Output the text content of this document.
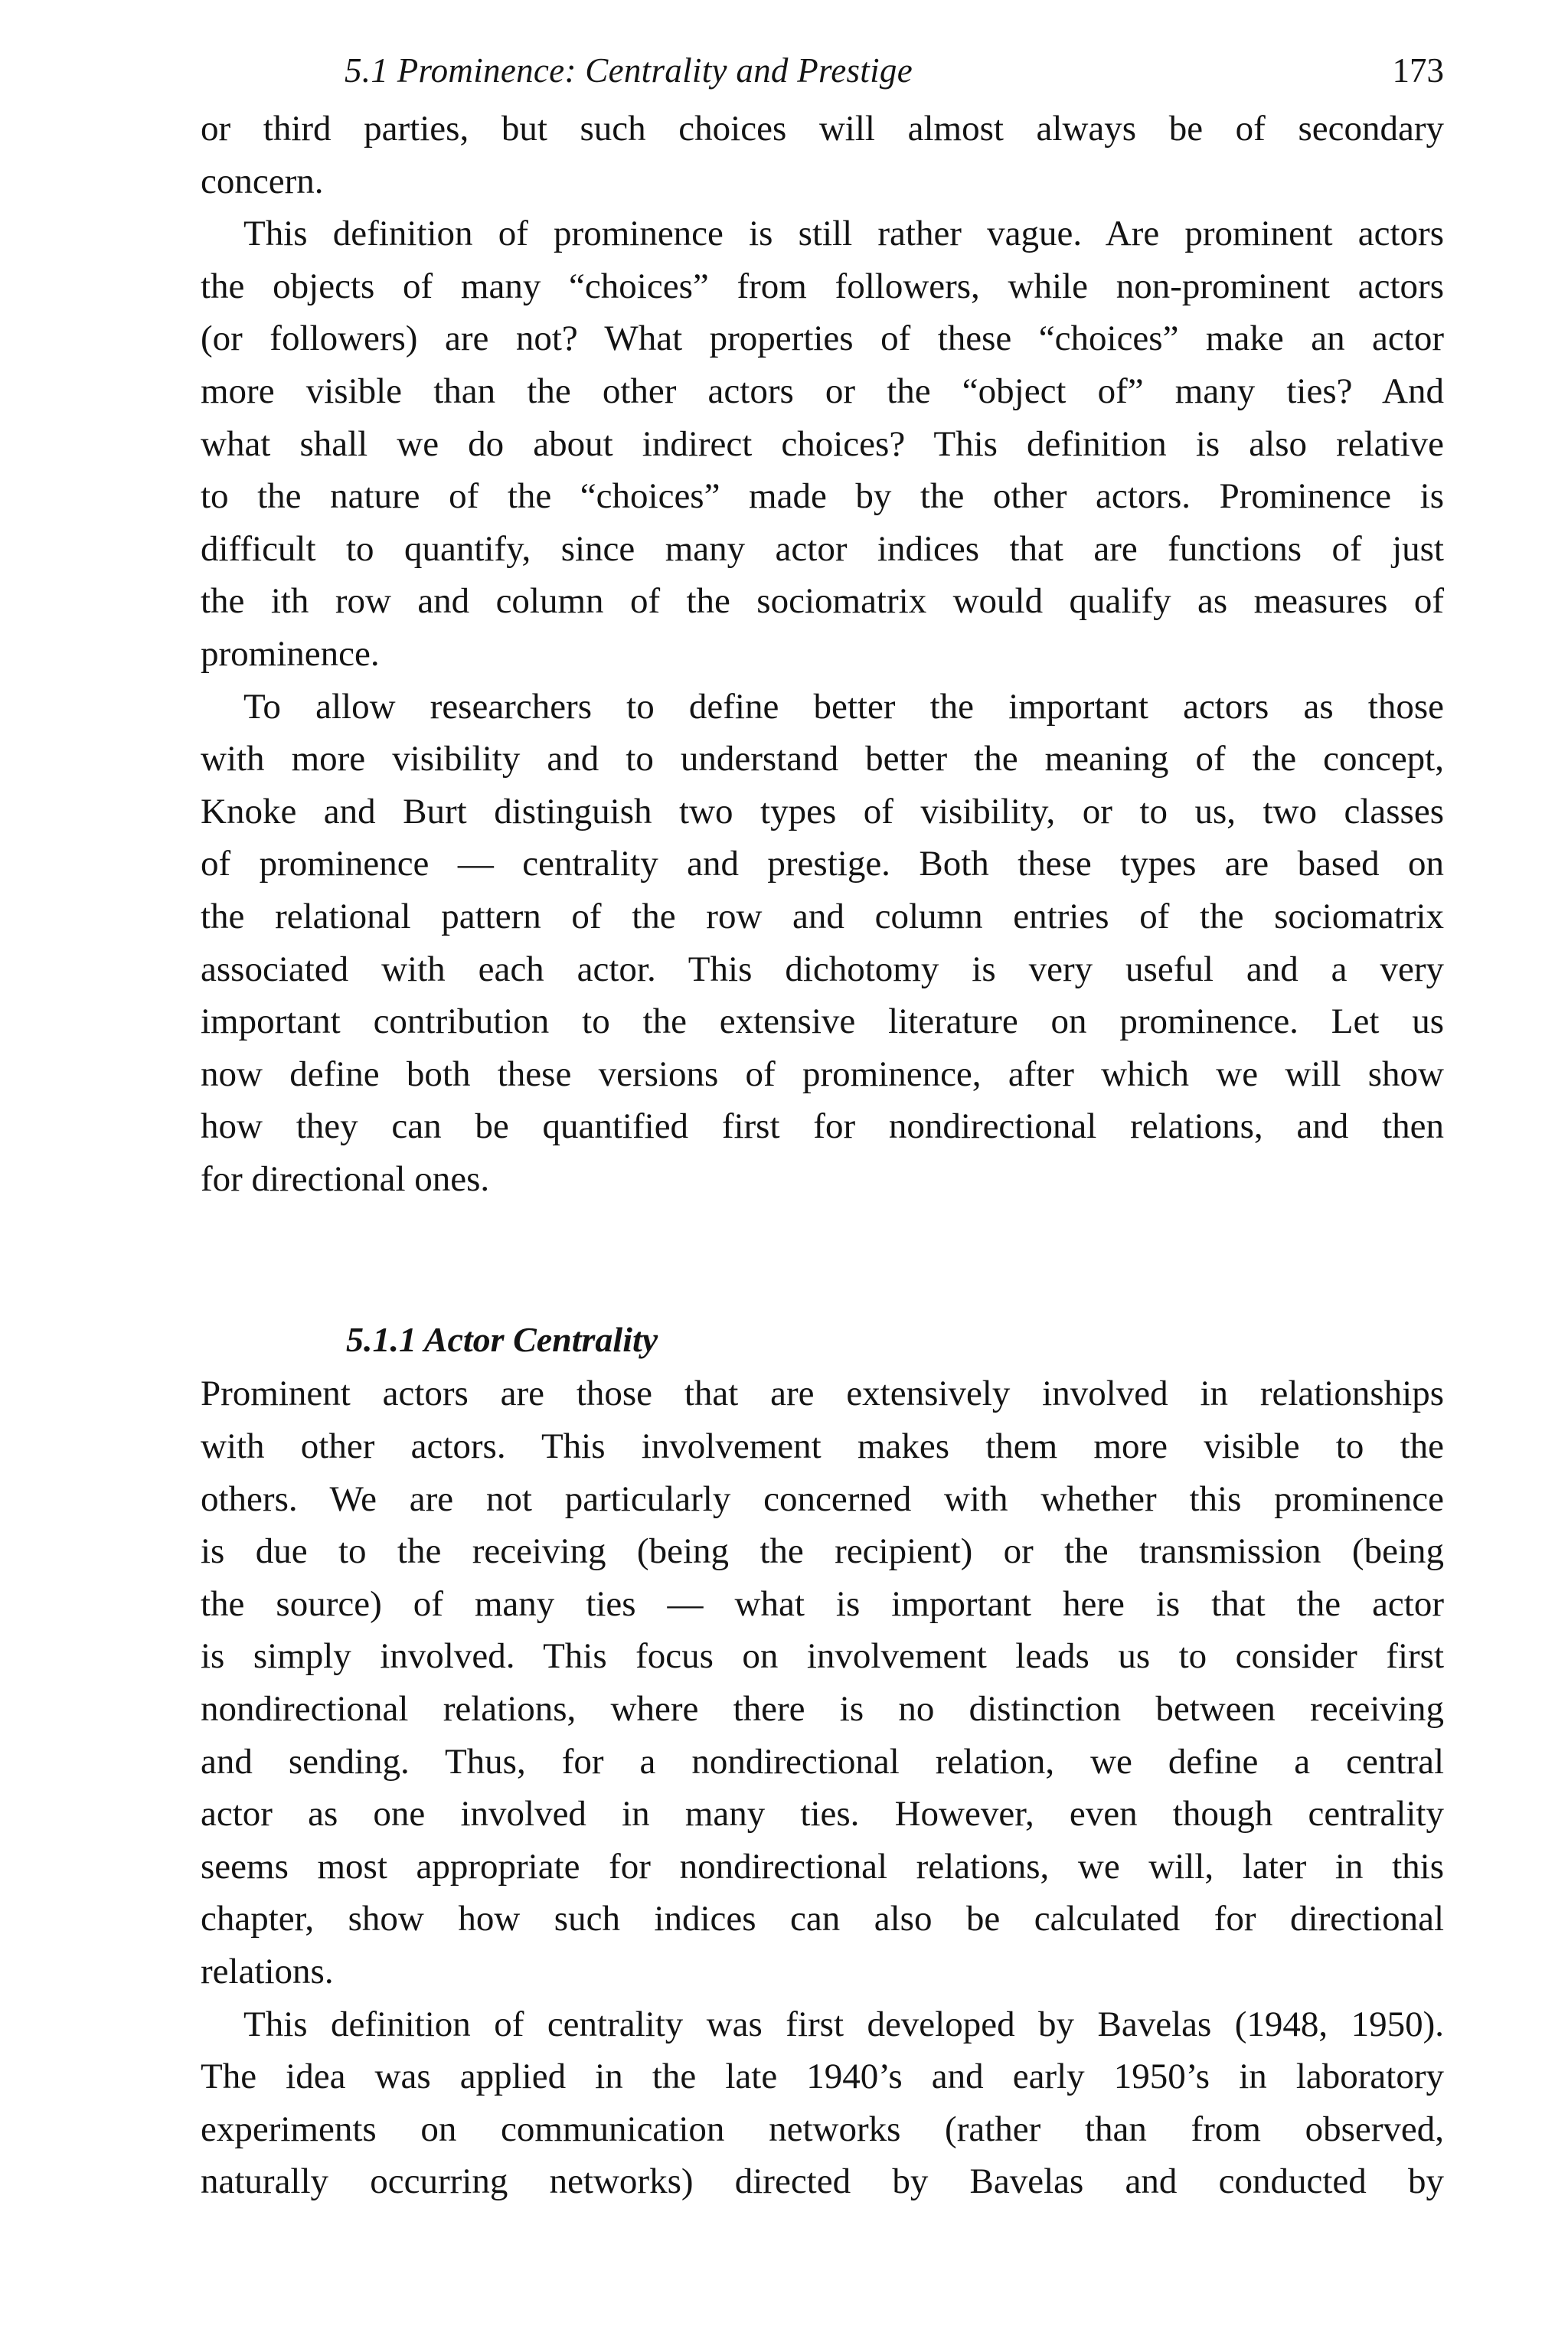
5.1 Prominence: Centrality and Prestige	173
or third parties, but such choices will almost always be of secondary
concern.
This definition of prominence is still rather vague. Are prominent actors
the objects of many “choices” from followers, while non-prominent actors
(or followers) are not? What properties of these “choices” make an actor
more visible than the other actors or the “object of” many ties? And
what shall we do about indirect choices? This definition is also relative
to the nature of the “choices” made by the other actors. Prominence is
difficult to quantify, since many actor indices that are functions of just
the ith row and column of the sociomatrix would qualify as measures of
prominence.
To allow researchers to define better the important actors as those
with more visibility and to understand better the meaning of the concept,
Knoke and Burt distinguish two types of visibility, or to us, two classes
of prominence — centrality and prestige. Both these types are based on
the relational pattern of the row and column entries of the sociomatrix
associated with each actor. This dichotomy is very useful and a very
important contribution to the extensive literature on prominence. Let us
now define both these versions of prominence, after which we will show
how they can be quantified first for nondirectional relations, and then
for directional ones.
5.1.1 Actor Centrality
Prominent actors are those that are extensively involved in relationships
with other actors. This involvement makes them more visible to the
others. We are not particularly concerned with whether this prominence
is due to the receiving (being the recipient) or the transmission (being
the source) of many ties — what is important here is that the actor
is simply involved. This focus on involvement leads us to consider first
nondirectional relations, where there is no distinction between receiving
and sending. Thus, for a nondirectional relation, we define a central
actor as one involved in many ties. However, even though centrality
seems most appropriate for nondirectional relations, we will, later in this
chapter, show how such indices can also be calculated for directional
relations.
This definition of centrality was first developed by Bavelas (1948, 1950).
The idea was applied in the late 1940’s and early 1950’s in laboratory
experiments on communication networks (rather than from observed,
naturally occurring networks) directed by Bavelas and conducted by
